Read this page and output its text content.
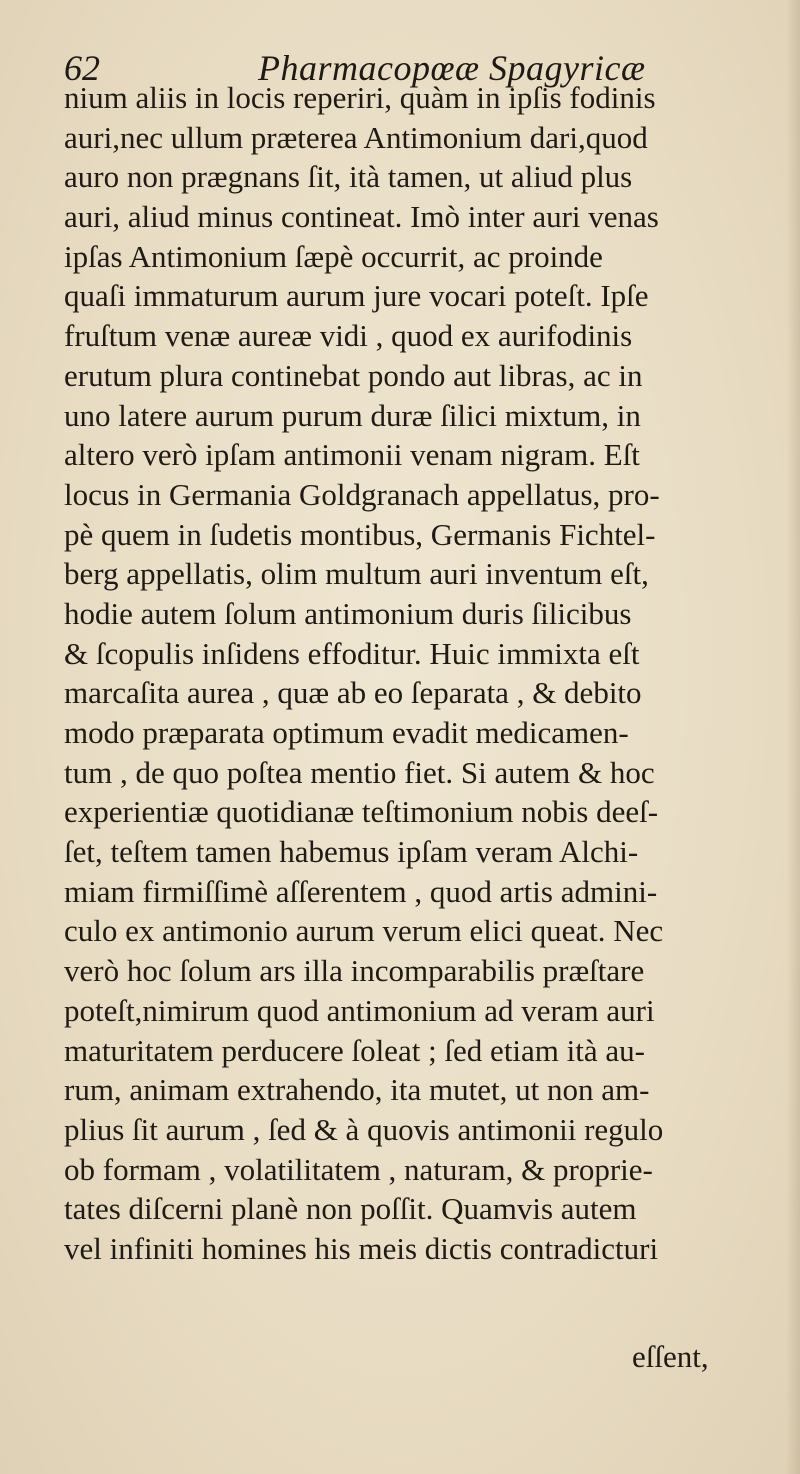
62	Pharmacopœæ Spagyricæ
nium aliis in locis reperiri, quàm in ipſis fodinis
auri,nec ullum præterea Antimonium dari,quod
auro non prægnans ſit, ità tamen, ut aliud plus
auri, aliud minus contineat. Imò inter auri venas
ipſas Antimonium ſæpè occurrit, ac proinde
quaſi immaturum aurum jure vocari poteſt. Ipſe
fruſtum venæ aureæ vidi , quod ex aurifodinis
erutum plura continebat pondo aut libras, ac in
uno latere aurum purum duræ ſilici mixtum, in
altero verò ipſam antimonii venam nigram. Eſt
locus in Germania Goldgranach appellatus, pro-
pè quem in ſudetis montibus, Germanis Fichtel-
berg appellatis, olim multum auri inventum eſt,
hodie autem ſolum antimonium duris ſilicibus
& ſcopulis inſidens effoditur. Huic immixta eſt
marcaſita aurea , quæ ab eo ſeparata , & debito
modo præparata optimum evadit medicamen-
tum , de quo poſtea mentio fiet. Si autem & hoc
experientiæ quotidianæ teſtimonium nobis deeſ-
ſet, teſtem tamen habemus ipſam veram Alchi-
miam firmiſſimè aſſerentem , quod artis admini-
culo ex antimonio aurum verum elici queat. Nec
verò hoc ſolum ars illa incomparabilis præſtare
poteſt,nimirum quod antimonium ad veram auri
maturitatem perducere ſoleat ; ſed etiam ità au-
rum, animam extrahendo, ita mutet, ut non am-
plius ſit aurum , ſed & à quovis antimonii regulo
ob formam , volatilitatem , naturam, & proprie-
tates diſcerni planè non poſſit. Quamvis autem
vel infiniti homines his meis dictis contradicturi
eſſent,
